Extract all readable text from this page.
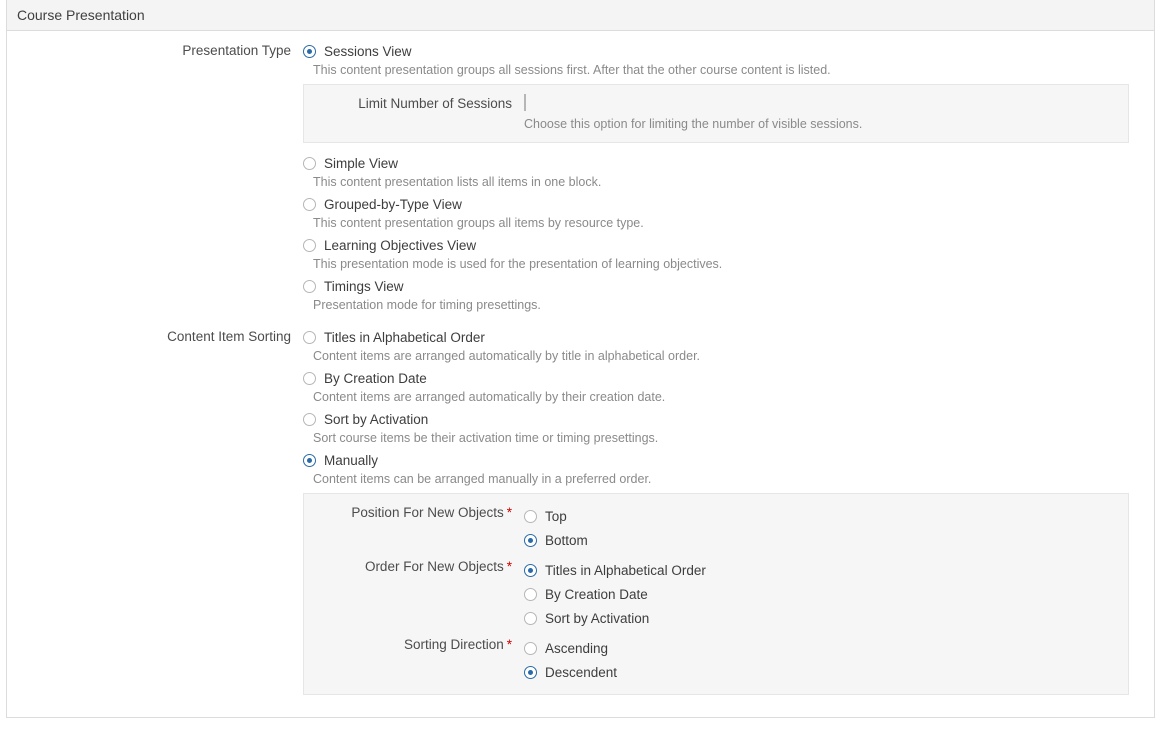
Course Presentation
Presentation Type	Sessions View
This content presentation groups all sessions first. After that the other course content is listed.
Limit Number of Sessions
Choose this option for limiting the number of visible sessions.
Simple View
This content presentation lists all items in one block.
Grouped-by-Type View
This content presentation groups all items by resource type.
Learning Objectives View
This presentation mode is used for the presentation of learning objectives.
Timings View
Presentation mode for timing presettings.
Content Item Sorting	Titles in Alphabetical Order
Content items are arranged automatically by title in alphabetical order.
By Creation Date
Content items are arranged automatically by their creation date.
Sort by Activation
Sort course items be their activation time or timing presettings.
Manually
Content items can be arranged manually in a preferred order.
Position For New Objects *	Top
Bottom
Order For New Objects *	Titles in Alphabetical Order
By Creation Date
Sort by Activation
Sorting Direction *	Ascending
Descendent
